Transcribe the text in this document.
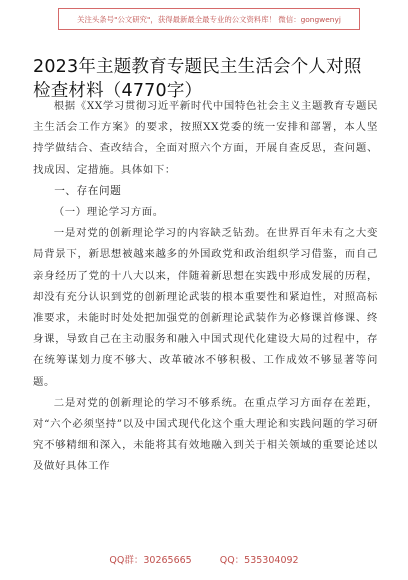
关注头条号"公文研究"，获得最新最全最专业的公文资料库！ 微信：gongwenyj
2023年主题教育专题民主生活会个人对照检查材料（4770字）

根据《XX学习贯彻习近平新时代中国特色社会主义主题教育专题民主生活会工作方案》的要求，按照XX党委的统一安排和部署，本人坚持学做结合、查改结合，全面对照六个方面，开展自查反思，查问题、找成因、定措施。具体如下：

一、存在问题

（一）理论学习方面。

一是对党的创新理论学习的内容缺乏钻劲。在世界百年未有之大变局背景下，新思想被越来越多的外国政党和政治组织学习借鉴，而自己亲身经历了党的十八大以来，伴随着新思想在实践中形成发展的历程，却没有充分认识到党的创新理论武装的根本重要性和紧迫性，对照高标准要求，未能时时处处把加强党的创新理论武装作为必修课首修课、终身课，导致自己在主动服务和融入中国式现代化建设大局的过程中，存在统筹谋划力度不够大、改革破冰不够积极、工作成效不够显著等问题。

二是对党的创新理论的学习不够系统。在重点学习方面存在差距，对“六个必须坚持”以及中国式现代化这个重大理论和实践问题的学习研究不够精细和深入，未能将其有效地融入到关于相关领域的重要论述以及做好具体工作

QQ群：30265665	QQ：535304092
